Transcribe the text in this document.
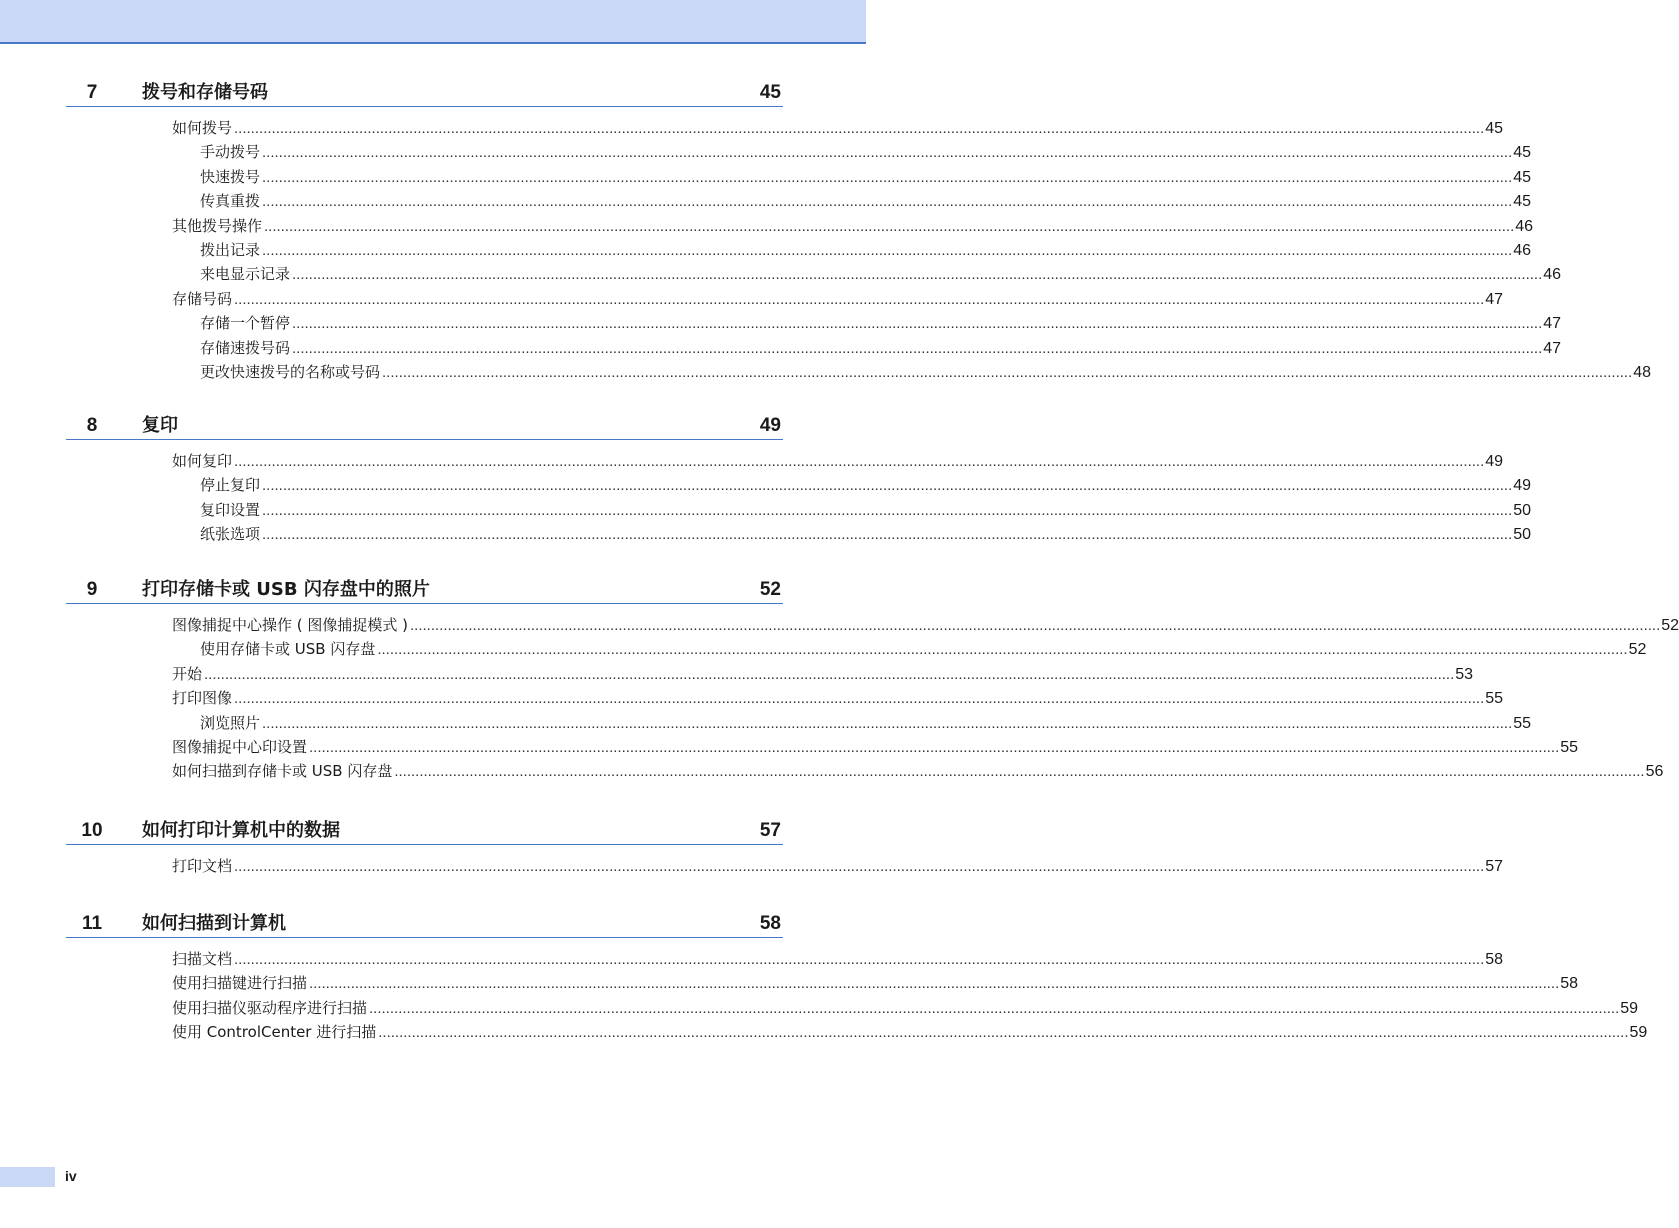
7	拨号和存储号码	45
如何拨号 ............................................................................................................................................................................................................................................................................................................ 45
手动拨号 ............................................................................................................................................................................................................................................................................................................ 45
快速拨号 ............................................................................................................................................................................................................................................................................................................ 45
传真重拨 ............................................................................................................................................................................................................................................................................................................ 45
其他拨号操作 ............................................................................................................................................................................................................................................................................................................ 46
拨出记录 ............................................................................................................................................................................................................................................................................................................ 46
来电显示记录 ............................................................................................................................................................................................................................................................................................................ 46
存储号码 ............................................................................................................................................................................................................................................................................................................ 47
存储一个暂停 ............................................................................................................................................................................................................................................................................................................ 47
存储速拨号码 ............................................................................................................................................................................................................................................................................................................ 47
更改快速拨号的名称或号码 ............................................................................................................................................................................................................................................................................................................ 48
8	复印	49
如何复印 ............................................................................................................................................................................................................................................................................................................ 49
停止复印 ............................................................................................................................................................................................................................................................................................................ 49
复印设置 ............................................................................................................................................................................................................................................................................................................ 50
纸张选项 ............................................................................................................................................................................................................................................................................................................ 50
9	打印存储卡或 USB 闪存盘中的照片	52
图像捕捉中心操作 ( 图像捕捉模式 ) ............................................................................................................................................................................................................................................................................................................ 52
使用存储卡或 USB 闪存盘 ............................................................................................................................................................................................................................................................................................................ 52
开始 ............................................................................................................................................................................................................................................................................................................ 53
打印图像 ............................................................................................................................................................................................................................................................................................................ 55
浏览照片 ............................................................................................................................................................................................................................................................................................................ 55
图像捕捉中心印设置 ............................................................................................................................................................................................................................................................................................................ 55
如何扫描到存储卡或 USB 闪存盘 ............................................................................................................................................................................................................................................................................................................ 56
10	如何打印计算机中的数据	57
打印文档 ............................................................................................................................................................................................................................................................................................................ 57
11	如何扫描到计算机	58
扫描文档 ............................................................................................................................................................................................................................................................................................................ 58
使用扫描键进行扫描 ............................................................................................................................................................................................................................................................................................................ 58
使用扫描仪驱动程序进行扫描 ............................................................................................................................................................................................................................................................................................................ 59
使用 ControlCenter 进行扫描 ............................................................................................................................................................................................................................................................................................................ 59
iv
